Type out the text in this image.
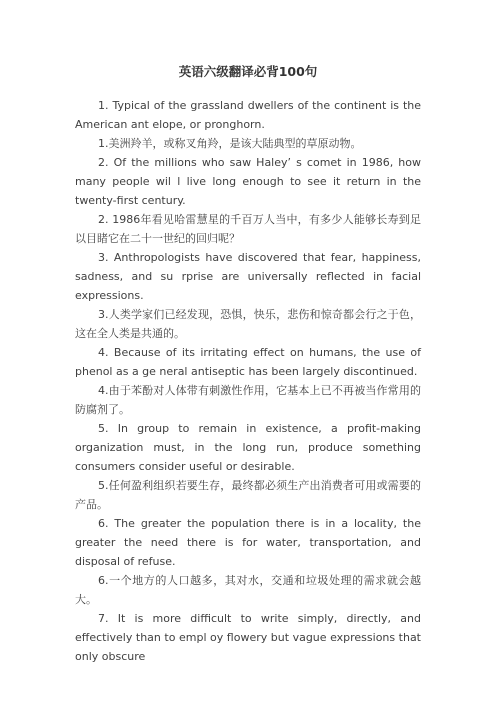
英语六级翻译必背100句

1. Typical of the grassland dwellers of the continent is the American ant elope, or pronghorn.

1.美洲羚羊，或称叉角羚，是该大陆典型的草原动物。

2. Of the millions who saw Haley’ s comet in 1986, how many people wil l live long enough to see it return in the twenty-first century.

2. 1986年看见哈雷慧星的千百万人当中，有多少人能够长寿到足以目睹它在二十一世纪的回归呢？

3. Anthropologists have discovered that fear, happiness, sadness, and su rprise are universally reflected in facial expressions.

3.人类学家们已经发现，恐惧，快乐，悲伤和惊奇都会行之于色，这在全人类是共通的。

4. Because of its irritating effect on humans, the use of phenol as a ge neral antiseptic has been largely discontinued.

4.由于苯酚对人体带有刺激性作用，它基本上已不再被当作常用的防腐剂了。

5. In group to remain in existence, a profit-making organization must, in the long run, produce something consumers consider useful or desirable.

5.任何盈利组织若要生存，最终都必须生产出消费者可用或需要的产品。

6. The greater the population there is in a locality, the greater the need there is for water, transportation, and disposal of refuse.

6.一个地方的人口越多，其对水，交通和垃圾处理的需求就会越大。

7. It is more difficult to write simply, directly, and effectively than to empl oy flowery but vague expressions that only obscure
